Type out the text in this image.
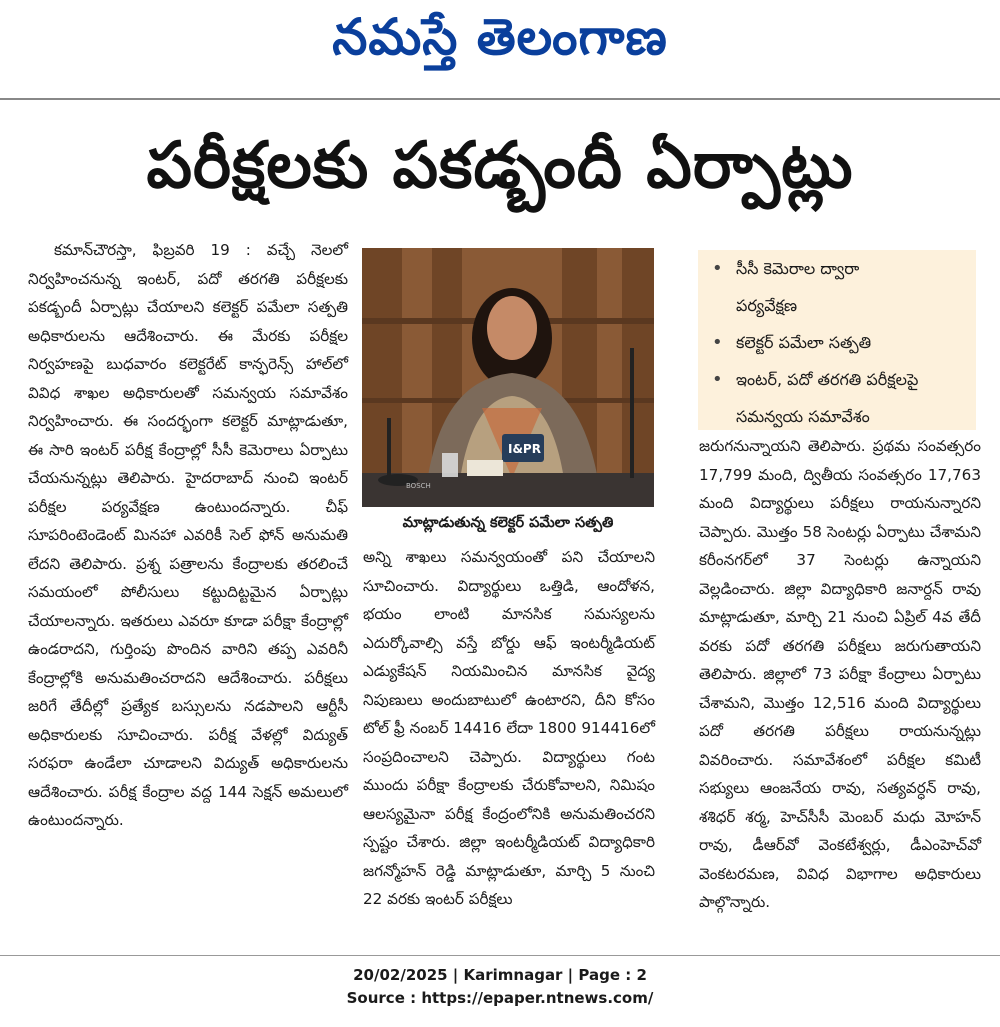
నమస్తే తెలంగాణ
పరీక్షలకు పకడ్బందీ ఏర్పాట్లు
కమాన్‌చౌరస్తా, ఫిబ్రవరి 19 : వచ్చే నెలలో నిర్వహించనున్న ఇంటర్, పదో తరగతి పరీక్షలకు పకడ్బందీ ఏర్పాట్లు చేయాలని కలెక్టర్ పమేలా సత్పతి అధికారులను ఆదేశించారు. ఈ మేరకు పరీక్షల నిర్వహణపై బుధవారం కలెక్టరేట్ కాన్ఫరెన్స్ హాల్‌లో వివిధ శాఖల అధికారులతో సమన్వయ సమావేశం నిర్వహించారు. ఈ సందర్భంగా కలెక్టర్ మాట్లాడుతూ, ఈ సారి ఇంటర్ పరీక్ష కేంద్రాల్లో సీసీ కెమెరాలు ఏర్పాటు చేయనున్నట్లు తెలిపారు. హైదరాబాద్ నుంచి ఇంటర్ పరీక్షల పర్యవేక్షణ ఉంటుందన్నారు. చీఫ్ సూపరింటెండెంట్ మినహా ఎవరికీ సెల్ ఫోన్ అనుమతి లేదని తెలిపారు. ప్రశ్న పత్రాలను కేంద్రాలకు తరలించే సమయంలో పోలీసులు కట్టుదిట్టమైన ఏర్పాట్లు చేయాలన్నారు. ఇతరులు ఎవరూ కూడా పరీక్షా కేంద్రాల్లో ఉండరాదని, గుర్తింపు పొందిన వారిని తప్ప ఎవరినీ కేంద్రాల్లోకి అనుమతించరాదని ఆదేశించారు. పరీక్షలు జరిగే తేదీల్లో ప్రత్యేక బస్సులను నడపాలని ఆర్టీసీ అధికారులకు సూచించారు. పరీక్ష వేళల్లో విద్యుత్ సరఫరా ఉండేలా చూడాలని విద్యుత్ అధికారులను ఆదేశించారు. పరీక్ష కేంద్రాల వద్ద 144 సెక్షన్ అమలులో ఉంటుందన్నారు.
I&PR
BOSCH
మాట్లాడుతున్న కలెక్టర్ పమేలా సత్పతి
అన్ని శాఖలు సమన్వయంతో పని చేయాలని సూచించారు. విద్యార్థులు ఒత్తిడి, ఆందోళన, భయం లాంటి మానసిక సమస్యలను ఎదుర్కోవాల్సి వస్తే బోర్డు ఆఫ్ ఇంటర్మీడియట్ ఎడ్యుకేషన్ నియమించిన మానసిక వైద్య నిపుణులు అందుబాటులో ఉంటారని, దీని కోసం టోల్ ఫ్రీ నంబర్ 14416 లేదా 1800 914416లో సంప్రదించాలని చెప్పారు. విద్యార్థులు గంట ముందు పరీక్షా కేంద్రాలకు చేరుకోవాలని, నిమిషం ఆలస్యమైనా పరీక్ష కేంద్రంలోనికి అనుమతించరని స్పష్టం చేశారు. జిల్లా ఇంటర్మీడియట్ విద్యాధికారి జగన్మోహన్ రెడ్డి మాట్లాడుతూ, మార్చి 5 నుంచి 22 వరకు ఇంటర్ పరీక్షలు
• సీసీ కెమెరాల ద్వారా
పర్యవేక్షణ
• కలెక్టర్ పమేలా సత్పతి
• ఇంటర్, పదో తరగతి పరీక్షలపై
సమన్వయ సమావేశం
జరుగనున్నాయని తెలిపారు. ప్రథమ సంవత్సరం 17,799 మంది, ద్వితీయ సంవత్సరం 17,763 మంది విద్యార్థులు పరీక్షలు రాయనున్నారని చెప్పారు. మొత్తం 58 సెంటర్లు ఏర్పాటు చేశామని కరీంనగర్‌లో 37 సెంటర్లు ఉన్నాయని వెల్లడించారు. జిల్లా విద్యాధికారి జనార్దన్ రావు మాట్లాడుతూ, మార్చి 21 నుంచి ఏప్రిల్ 4వ తేదీ వరకు పదో తరగతి పరీక్షలు జరుగుతాయని తెలిపారు. జిల్లాలో 73 పరీక్షా కేంద్రాలు ఏర్పాటు చేశామని, మొత్తం 12,516 మంది విద్యార్థులు పదో తరగతి పరీక్షలు రాయనున్నట్లు వివరించారు. సమావేశంలో పరీక్షల కమిటీ సభ్యులు ఆంజనేయ రావు, సత్యవర్ధన్ రావు, శశిధర్ శర్మ, హెచ్‌సీసీ మెంబర్ మధు మోహన్ రావు, డీఆర్‌వో వెంకటేశ్వర్లు, డీఎంహెచ్‌వో వెంకటరమణ, వివిధ విభాగాల అధికారులు పాల్గొన్నారు.
20/02/2025 | Karimnagar | Page : 2
Source : https://epaper.ntnews.com/
